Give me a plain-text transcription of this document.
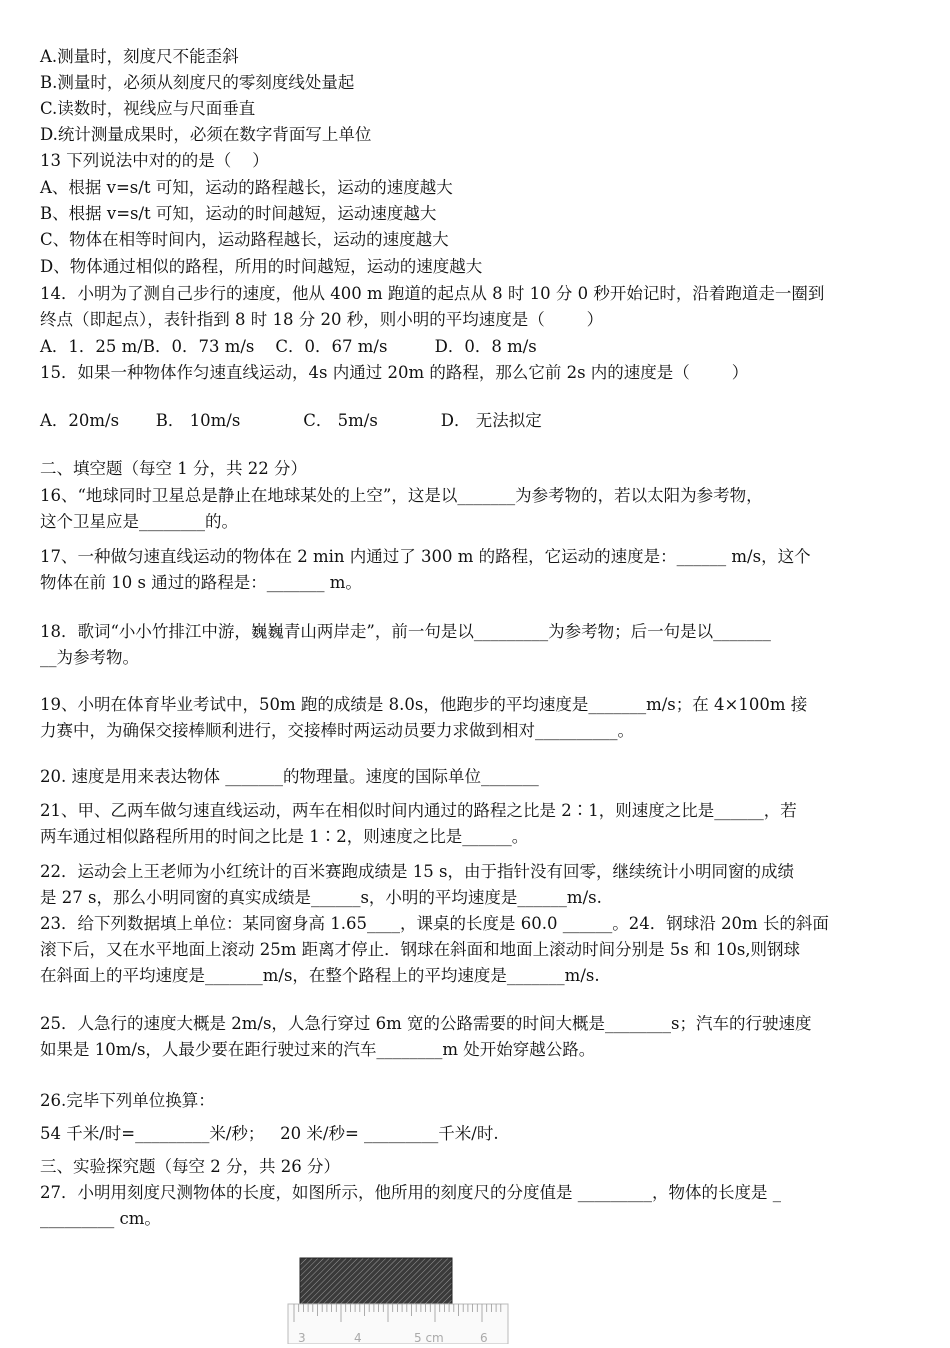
A.测量时，刻度尺不能歪斜
B.测量时，必须从刻度尺的零刻度线处量起
C.读数时，视线应与尺面垂直
D.统计测量成果时，必须在数字背面写上单位
13 下列说法中对的的是（    ）
A、根据 v=s/t 可知，运动的路程越长，运动的速度越大
B、根据 v=s/t 可知，运动的时间越短，运动速度越大
C、物体在相等时间内，运动路程越长，运动的速度越大
D、物体通过相似的路程，所用的时间越短，运动的速度越大
14．小明为了测自己步行的速度，他从 400 m 跑道的起点从 8 时 10 分 0 秒开始记时，沿着跑道走一圈到
终点（即起点），表针指到 8 时 18 分 20 秒，则小明的平均速度是（        ）
A．1．25 m/B．0．73 m/s    C．0．67 m/s         D．0．8 m/s
15．如果一种物体作匀速直线运动，4s 内通过 20m 的路程，那么它前 2s 内的速度是（        ）
A．20m/s       B． 10m/s            C． 5m/s            D． 无法拟定
二、填空题（每空 1 分，共 22 分）
16、“地球同时卫星总是静止在地球某处的上空”，这是以_______为参考物的，若以太阳为参考物，
这个卫星应是________的。
17、一种做匀速直线运动的物体在 2 min 内通过了 300 m 的路程，它运动的速度是：______ m/s，这个
物体在前 10 s 通过的路程是：_______ m。
18．歌词“小小竹排江中游，巍巍青山两岸走”，前一句是以_________为参考物；后一句是以_______
__为参考物。
19、小明在体育毕业考试中，50m 跑的成绩是 8.0s，他跑步的平均速度是_______m/s；在 4×100m 接
力赛中，为确保交接棒顺利进行，交接棒时两运动员要力求做到相对__________。
20. 速度是用来表达物体 _______的物理量。速度的国际单位_______
21、甲、乙两车做匀速直线运动，两车在相似时间内通过的路程之比是 2∶1，则速度之比是______，若
两车通过相似路程所用的时间之比是 1∶2，则速度之比是______。
22．运动会上王老师为小红统计的百米赛跑成绩是 15 s，由于指针没有回零，继续统计小明同窗的成绩
是 27 s，那么小明同窗的真实成绩是______s，小明的平均速度是______m/s.
23．给下列数据填上单位：某同窗身高 1.65____，课桌的长度是 60.0 ______。24．钢球沿 20m 长的斜面
滚下后，又在水平地面上滚动 25m 距离才停止．钢球在斜面和地面上滚动时间分别是 5s 和 10s,则钢球
在斜面上的平均速度是_______m/s，在整个路程上的平均速度是_______m/s.
25．人急行的速度大概是 2m/s，人急行穿过 6m 宽的公路需要的时间大概是________s；汽车的行驶速度
如果是 10m/s，人最少要在距行驶过来的汽车________m 处开始穿越公路。
26.完毕下列单位换算：
54 千米/时=_________米/秒；   20 米/秒= _________千米/时.
三、实验探究题（每空 2 分，共 26 分）
27．小明用刻度尺测物体的长度，如图所示，他所用的刻度尺的分度值是 _________，物体的长度是 _
_________ cm。
3	4	5 cm	6
